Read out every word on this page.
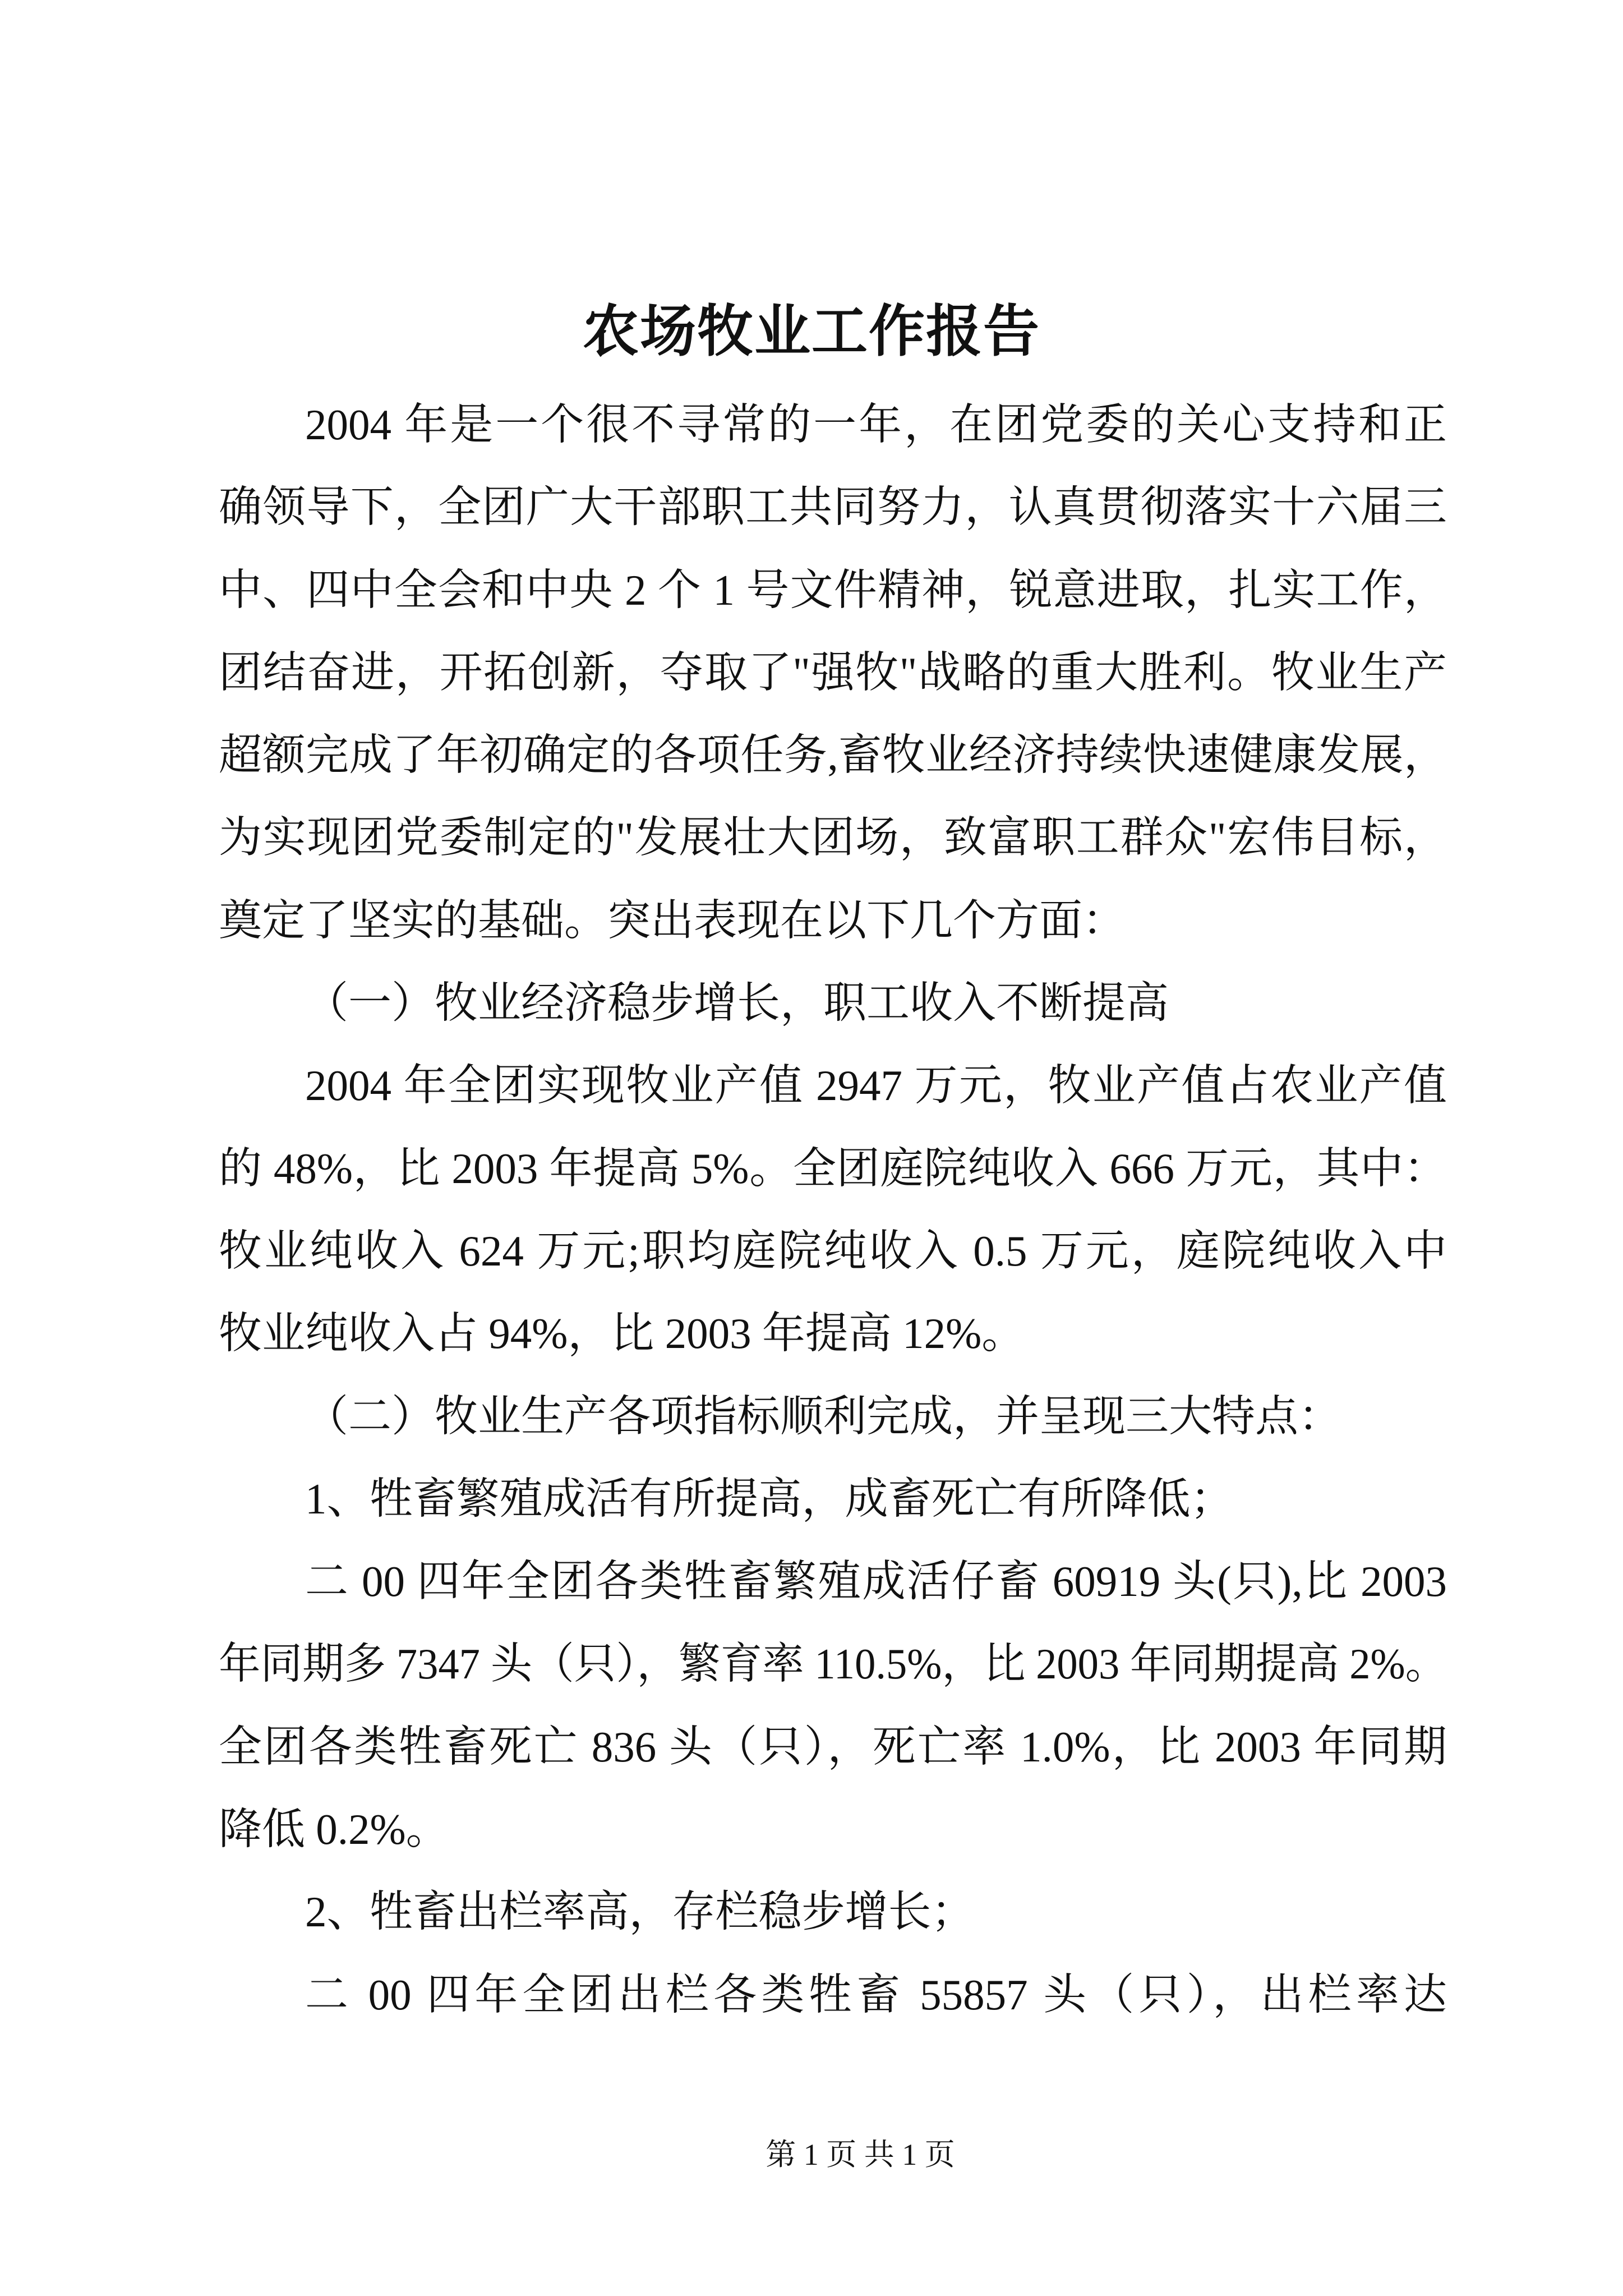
农场牧业工作报告
2004 年是一个很不寻常的一年，在团党委的关心支持和正
确领导下，全团广大干部职工共同努力，认真贯彻落实十六届三
中、四中全会和中央 2 个 1 号文件精神，锐意进取，扎实工作，
团结奋进，开拓创新，夺取了"强牧"战略的重大胜利。牧业生产
超额完成了年初确定的各项任务,畜牧业经济持续快速健康发展，
为实现团党委制定的"发展壮大团场，致富职工群众"宏伟目标，
奠定了坚实的基础。突出表现在以下几个方面：
（一）牧业经济稳步增长，职工收入不断提高
2004 年全团实现牧业产值 2947 万元，牧业产值占农业产值
的 48%，比 2003 年提高 5%。全团庭院纯收入 666 万元，其中：
牧业纯收入 624 万元;职均庭院纯收入 0.5 万元，庭院纯收入中
牧业纯收入占 94%，比 2003 年提高 12%。
（二）牧业生产各项指标顺利完成，并呈现三大特点：
1、牲畜繁殖成活有所提高，成畜死亡有所降低；
二 00 四年全团各类牲畜繁殖成活仔畜 60919 头(只),比 2003
年同期多 7347 头（只），繁育率 110.5%，比 2003 年同期提高 2%。
全团各类牲畜死亡 836 头（只），死亡率 1.0%，比 2003 年同期
降低 0.2%。
2、牲畜出栏率高，存栏稳步增长；
二 00 四年全团出栏各类牲畜 55857 头（只），出栏率达
第 1 页 共 1 页
